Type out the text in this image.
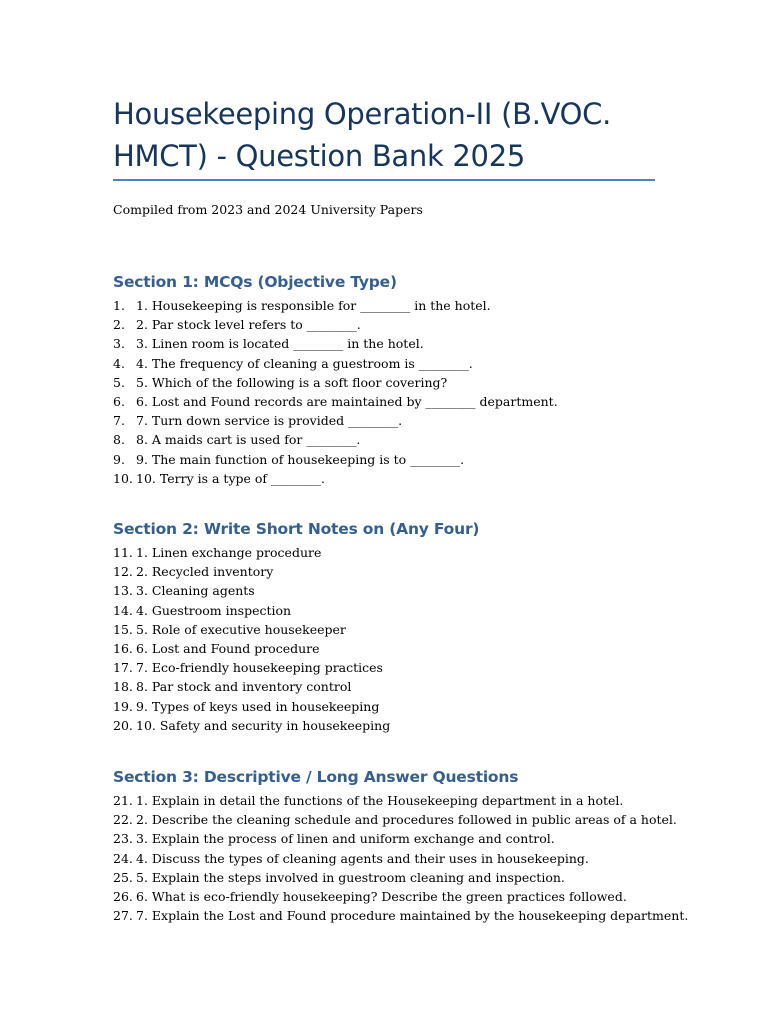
Housekeeping Operation-II (B.VOC. HMCT) - Question Bank 2025

Compiled from 2023 and 2024 University Papers

Section 1: MCQs (Objective Type)
1. 1. Housekeeping is responsible for ________ in the hotel.
2. 2. Par stock level refers to ________.
3. 3. Linen room is located ________ in the hotel.
4. 4. The frequency of cleaning a guestroom is ________.
5. 5. Which of the following is a soft floor covering?
6. 6. Lost and Found records are maintained by ________ department.
7. 7. Turn down service is provided ________.
8. 8. A maids cart is used for ________.
9. 9. The main function of housekeeping is to ________.
10. 10. Terry is a type of ________.
Section 2: Write Short Notes on (Any Four)
11. 1. Linen exchange procedure
12. 2. Recycled inventory
13. 3. Cleaning agents
14. 4. Guestroom inspection
15. 5. Role of executive housekeeper
16. 6. Lost and Found procedure
17. 7. Eco-friendly housekeeping practices
18. 8. Par stock and inventory control
19. 9. Types of keys used in housekeeping
20. 10. Safety and security in housekeeping
Section 3: Descriptive / Long Answer Questions
21. 1. Explain in detail the functions of the Housekeeping department in a hotel.
22. 2. Describe the cleaning schedule and procedures followed in public areas of a hotel.
23. 3. Explain the process of linen and uniform exchange and control.
24. 4. Discuss the types of cleaning agents and their uses in housekeeping.
25. 5. Explain the steps involved in guestroom cleaning and inspection.
26. 6. What is eco-friendly housekeeping? Describe the green practices followed.
27. 7. Explain the Lost and Found procedure maintained by the housekeeping department.
